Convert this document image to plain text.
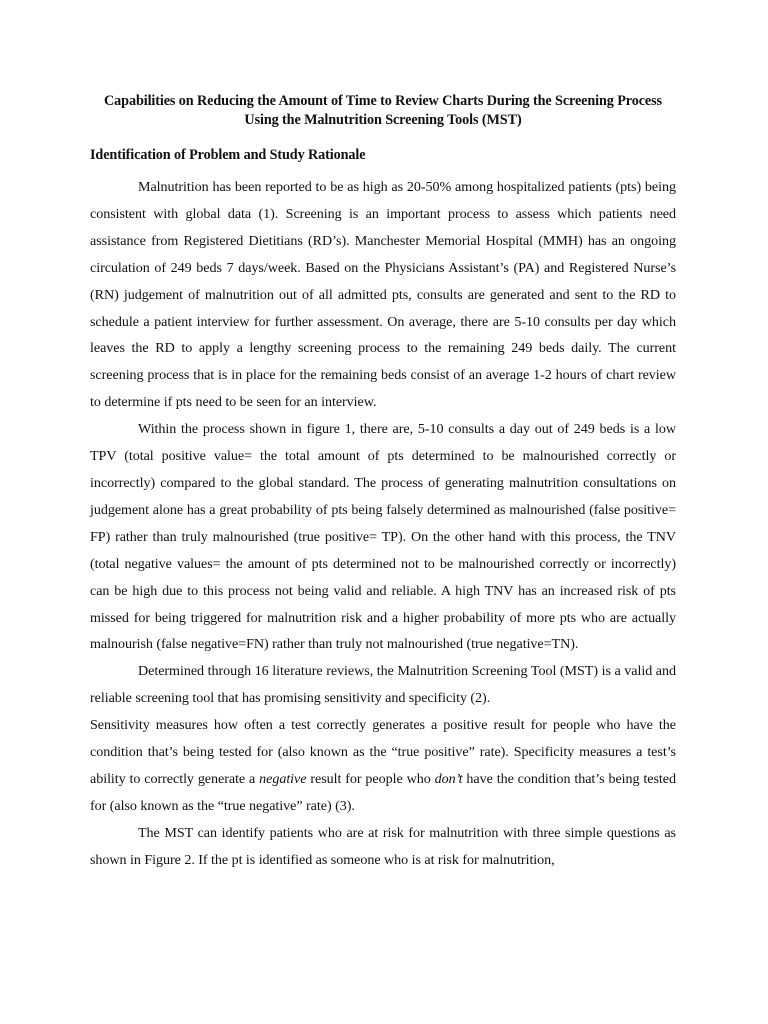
Capabilities on Reducing the Amount of Time to Review Charts During the Screening Process
Using the Malnutrition Screening Tools (MST)
Identification of Problem and Study Rationale

Malnutrition has been reported to be as high as 20-50% among hospitalized patients (pts) being consistent with global data (1). Screening is an important process to assess which patients need assistance from Registered Dietitians (RD’s). Manchester Memorial Hospital (MMH) has an ongoing circulation of 249 beds 7 days/week. Based on the Physicians Assistant’s (PA) and Registered Nurse’s (RN) judgement of malnutrition out of all admitted pts, consults are generated and sent to the RD to schedule a patient interview for further assessment. On average, there are 5-10 consults per day which leaves the RD to apply a lengthy screening process to the remaining 249 beds daily. The current screening process that is in place for the remaining beds consist of an average 1-2 hours of chart review to determine if pts need to be seen for an interview.

Within the process shown in figure 1, there are, 5-10 consults a day out of 249 beds is a low TPV (total positive value= the total amount of pts determined to be malnourished correctly or incorrectly) compared to the global standard. The process of generating malnutrition consultations on judgement alone has a great probability of pts being falsely determined as malnourished (false positive= FP) rather than truly malnourished (true positive= TP). On the other hand with this process, the TNV (total negative values= the amount of pts determined not to be malnourished correctly or incorrectly) can be high due to this process not being valid and reliable. A high TNV has an increased risk of pts missed for being triggered for malnutrition risk and a higher probability of more pts who are actually malnourish (false negative=FN) rather than truly not malnourished (true negative=TN).

Determined through 16 literature reviews, the Malnutrition Screening Tool (MST) is a valid and reliable screening tool that has promising sensitivity and specificity (2).

Sensitivity measures how often a test correctly generates a positive result for people who have the condition that’s being tested for (also known as the “true positive” rate). Specificity measures a test’s ability to correctly generate a negative result for people who don’t have the condition that’s being tested for (also known as the “true negative” rate) (3).

The MST can identify patients who are at risk for malnutrition with three simple questions as shown in Figure 2. If the pt is identified as someone who is at risk for malnutrition,
